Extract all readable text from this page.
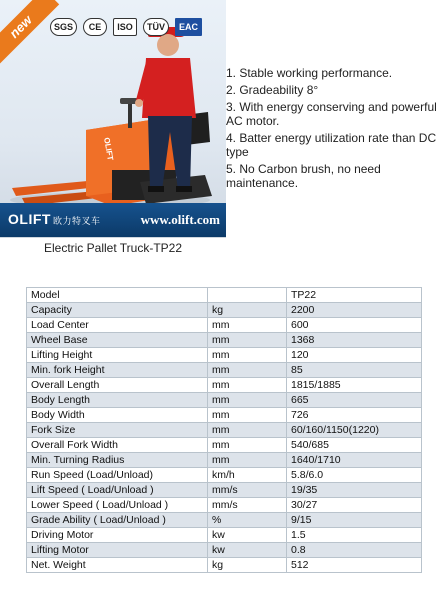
OLIFT
new	SGS	CE	ISO	TÜV	EAC
OLIFT 欧力特叉车	www.olift.com
Electric Pallet Truck-TP22
1. Stable working performance.
2. Gradeability 8°
3. With energy conserving and powerful AC motor.
4. Batter energy utilization rate than DC type
5. No Carbon brush, no need maintenance.
Model		TP22
Capacity	kg	2200
Load Center	mm	600
Wheel Base	mm	1368
Lifting Height	mm	120
Min. fork Height	mm	85
Overall Length	mm	1815/1885
Body Length	mm	665
Body Width	mm	726
Fork Size	mm	60/160/1150(1220)
Overall Fork Width	mm	540/685
Min. Turning Radius	mm	1640/1710
Run Speed (Load/Unload)	km/h	5.8/6.0
Lift Speed ( Load/Unload )	mm/s	19/35
Lower Speed ( Load/Unload )	mm/s	30/27
Grade Ability ( Load/Unload )	%	9/15
Driving Motor	kw	1.5
Lifting Motor	kw	0.8
Net. Weight	kg	512
